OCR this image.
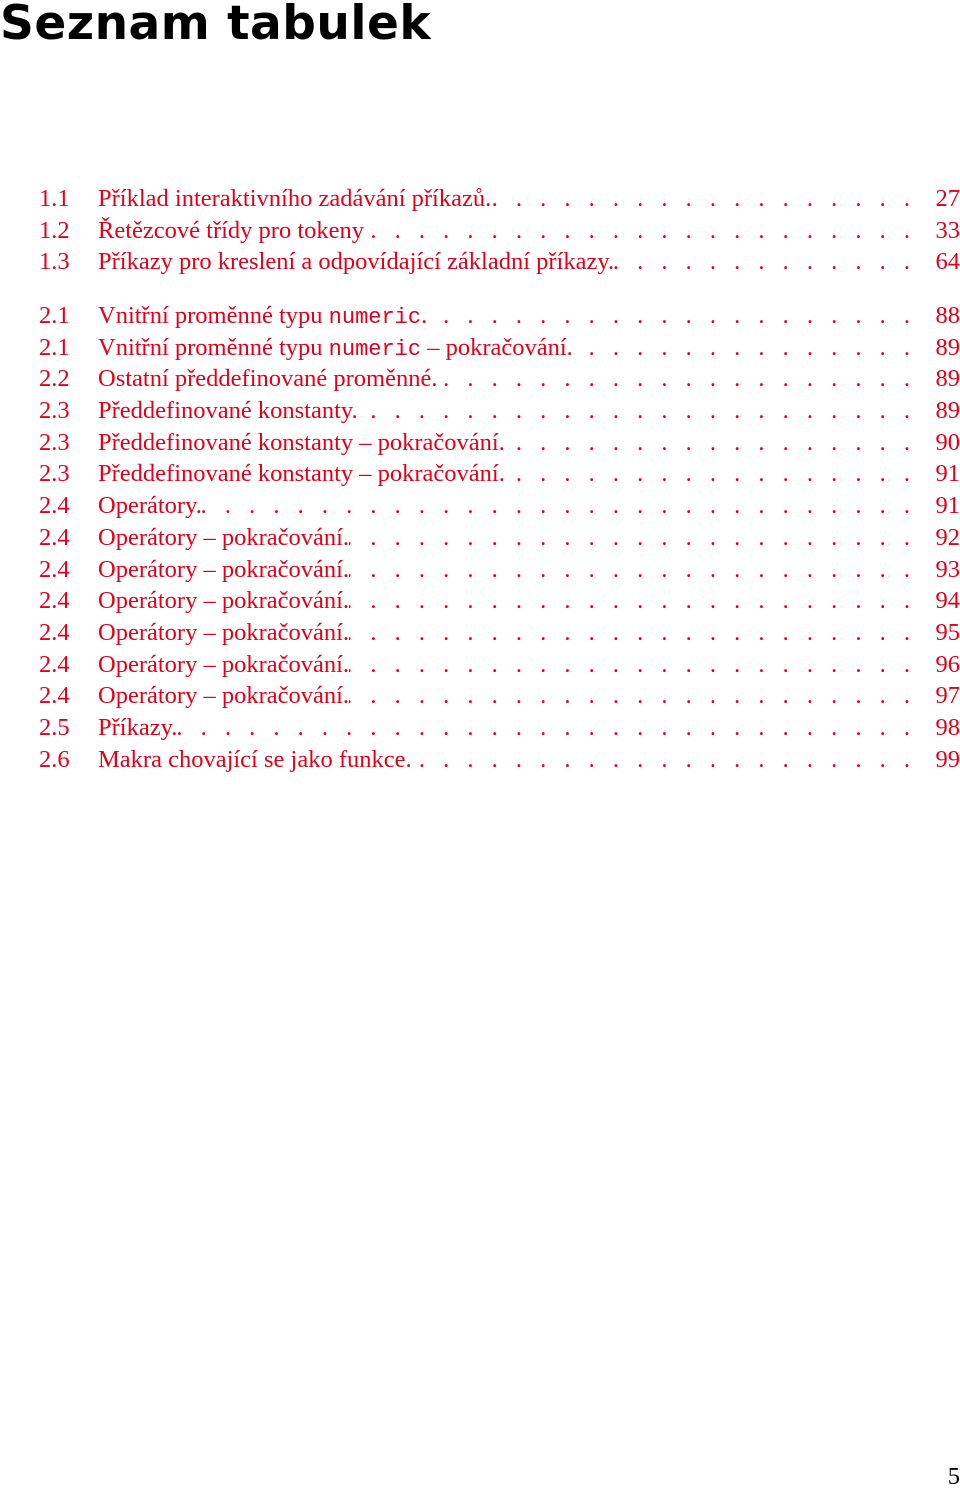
Seznam tabulek
1.1	Příklad interaktivního zadávání příkazů. . . .	27
1.2	Řetězcové třídy pro tokeny . . .	33
1.3	Příkazy pro kreslení a odpovídající základní příkazy. . . .	64
2.1	Vnitřní proměnné typu numeric. . . .	88
2.1	Vnitřní proměnné typu numeric – pokračování. . . .	89
2.2	Ostatní předdefinované proměnné. . . .	89
2.3	Předdefinované konstanty. . . .	89
2.3	Předdefinované konstanty – pokračování. . . .	90
2.3	Předdefinované konstanty – pokračování. . . .	91
2.4	Operátory. . . .	91
2.4	Operátory – pokračování. . . .	92
2.4	Operátory – pokračování. . . .	93
2.4	Operátory – pokračování. . . .	94
2.4	Operátory – pokračování. . . .	95
2.4	Operátory – pokračování. . . .	96
2.4	Operátory – pokračování. . . .	97
2.5	Příkazy. . . .	98
2.6	Makra chovající se jako funkce. . . .	99
5
